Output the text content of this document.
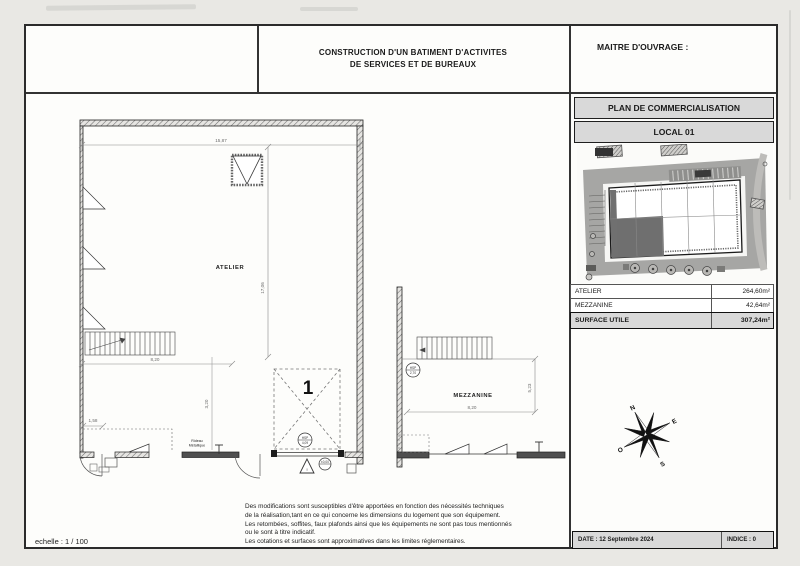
CONSTRUCTION D'UN BATIMENT D'ACTIVITES
DE SERVICES ET DE BUREAUX
MAITRE D'OUVRAGE :
PLAN DE COMMERCIALISATION
LOCAL 01
ATELIER	264,60m²
MEZZANINE	42,64m²
SURFACE UTILE	307,24m²
N
E
S
O
DATE : 12 Septembre 2024	INDICE : 0
15,87
17,06
ATELIER
8,20
3,20
Rideau
Métallique
1
HSP
4,09
!
±0,00
1,58
MEZZANINE
HSP
2,70
8,20
5,23
Des modifications sont susceptibles d'être apportées en fonction des nécessités techniques
de la réalisation,tant en ce qui concerne les dimensions du logement que son équipement.
Les retombées, soffites, faux plafonds ainsi que les équipements ne sont pas tous mentionnés
ou le sont à titre indicatif.
Les cotations et surfaces sont approximatives dans les limites réglementaires.
echelle : 1 / 100
